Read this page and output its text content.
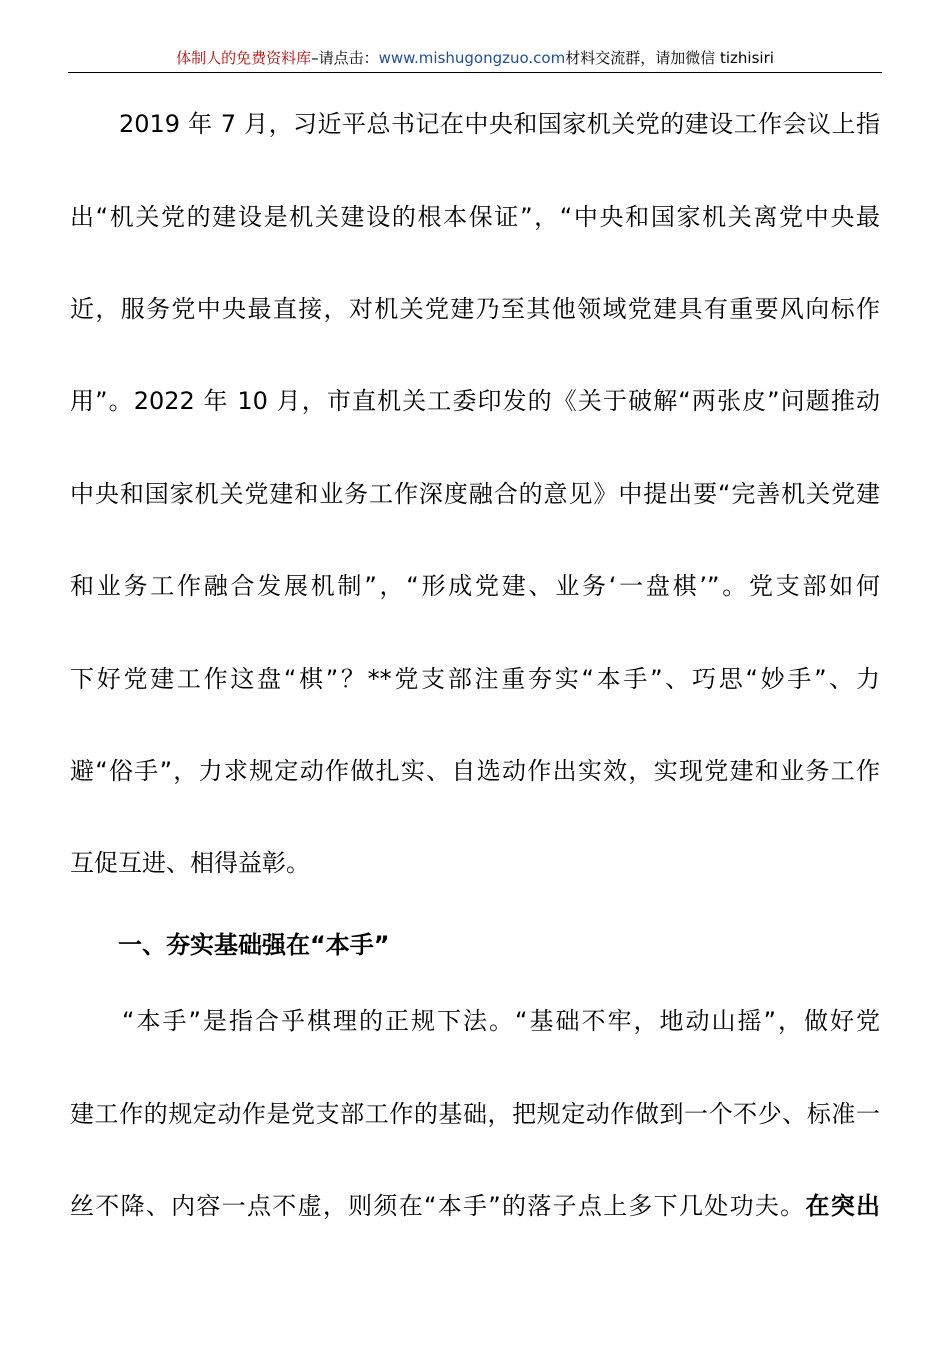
体制人的免费资料库–请点击：www.mishugongzuo.com材料交流群，请加微信 tizhisiri
　　2019 年 7 月，习近平总书记在中央和国家机关党的建设工作会议上指
出“机关党的建设是机关建设的根本保证”，“中央和国家机关离党中央最
近，服务党中央最直接，对机关党建乃至其他领域党建具有重要风向标作
用”。2022 年 10 月，市直机关工委印发的《关于破解“两张皮”问题推动
中央和国家机关党建和业务工作深度融合的意见》中提出要“完善机关党建
和业务工作融合发展机制”，“形成党建、业务‘一盘棋’”。党支部如何
下好党建工作这盘“棋”？**党支部注重夯实“本手”、巧思“妙手”、力
避“俗手”，力求规定动作做扎实、自选动作出实效，实现党建和业务工作
互促互进、相得益彰。
一、夯实基础强在“本手”
　　“本手”是指合乎棋理的正规下法。“基础不牢，地动山摇”，做好党
建工作的规定动作是党支部工作的基础，把规定动作做到一个不少、标准一
丝不降、内容一点不虚，则须在“本手”的落子点上多下几处功夫。在突出
